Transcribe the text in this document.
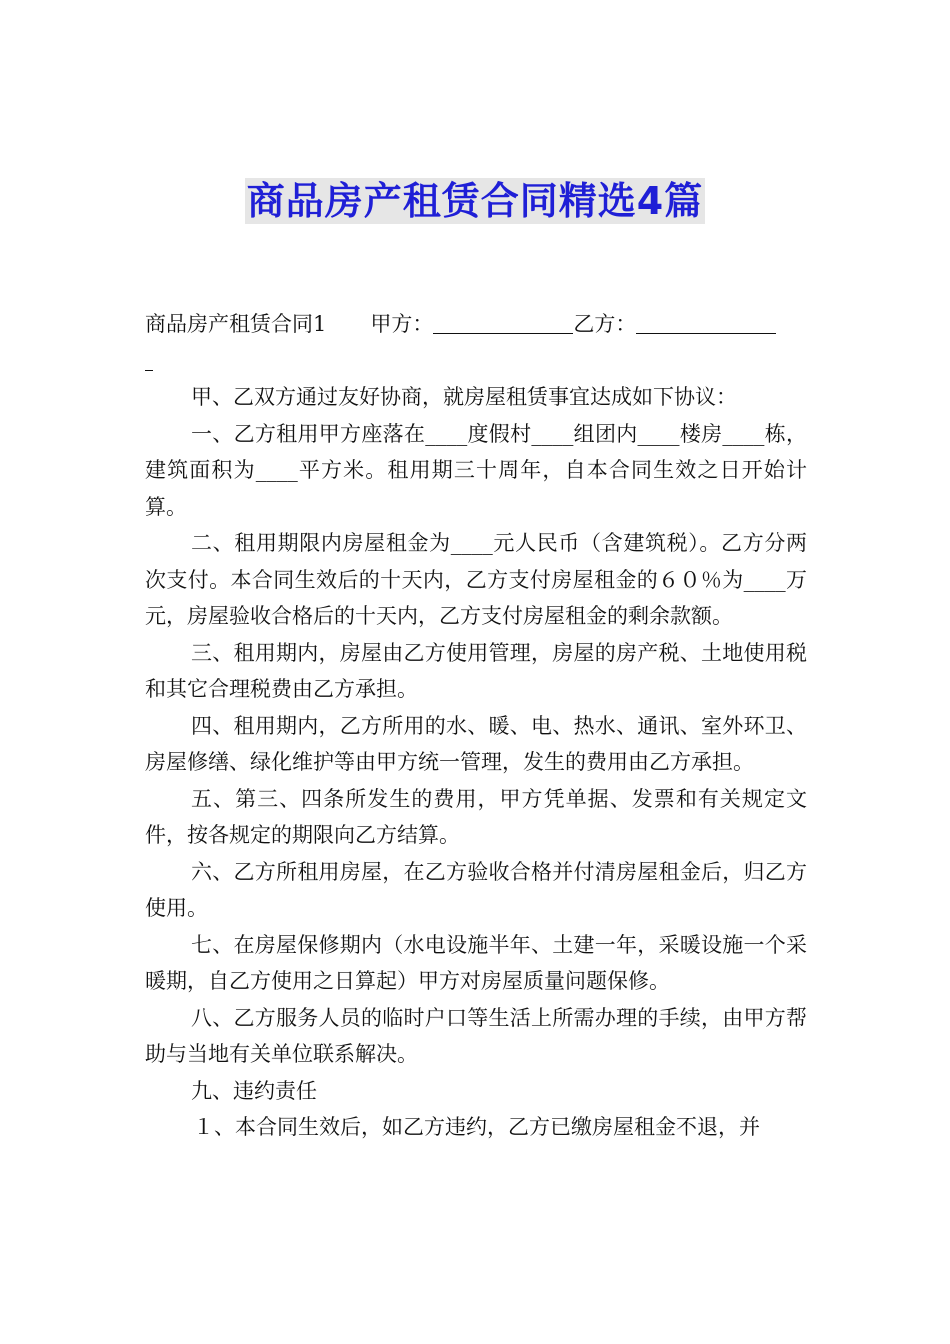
商品房产租赁合同精选4篇

商品房产租赁合同1 甲方：	乙方：

甲、乙双方通过友好协商，就房屋租赁事宜达成如下协议：

一、乙方租用甲方座落在____度假村____组团内____楼房____栋，建筑面积为____平方米。租用期三十周年，自本合同生效之日开始计算。

二、租用期限内房屋租金为____元人民币（含建筑税）。乙方分两次支付。本合同生效后的十天内，乙方支付房屋租金的６０％为____万元，房屋验收合格后的十天内，乙方支付房屋租金的剩余款额。

三、租用期内，房屋由乙方使用管理，房屋的房产税、土地使用税和其它合理税费由乙方承担。

四、租用期内，乙方所用的水、暖、电、热水、通讯、室外环卫、房屋修缮、绿化维护等由甲方统一管理，发生的费用由乙方承担。

五、第三、四条所发生的费用，甲方凭单据、发票和有关规定文件，按各规定的期限向乙方结算。

六、乙方所租用房屋，在乙方验收合格并付清房屋租金后，归乙方使用。

七、在房屋保修期内（水电设施半年、土建一年，采暖设施一个采暖期，自乙方使用之日算起）甲方对房屋质量问题保修。

八、乙方服务人员的临时户口等生活上所需办理的手续，由甲方帮助与当地有关单位联系解决。

九、违约责任

１、本合同生效后，如乙方违约，乙方已缴房屋租金不退，并
